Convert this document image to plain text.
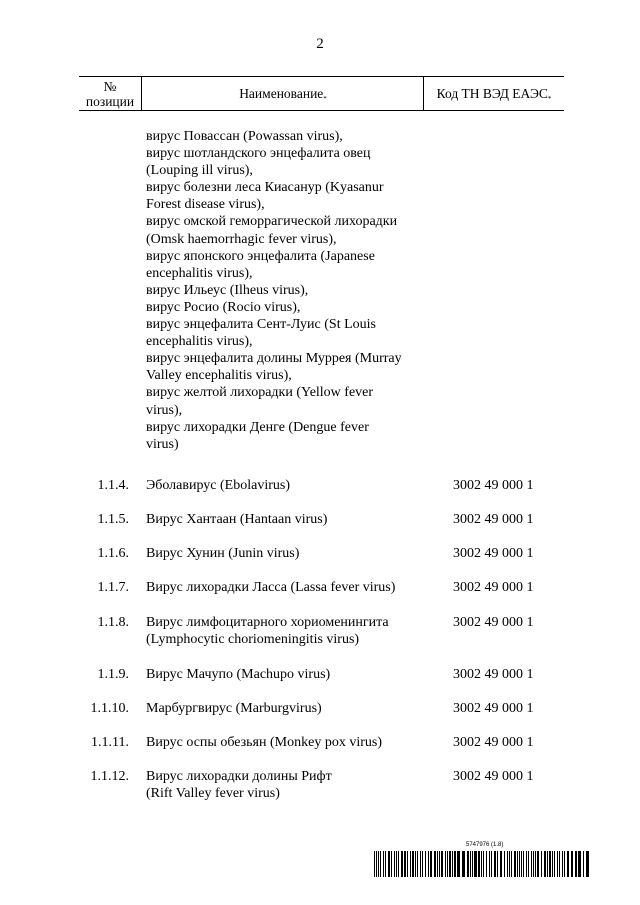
2
№
позиции
Наименование*	Код ТН ВЭД ЕАЭС*
вирус Повассан (Powassan virus),
вирус шотландского энцефалита овец
(Louping ill virus),
вирус болезни леса Киасанур (Kyasanur
Forest disease virus),
вирус омской геморрагической лихорадки
(Omsk haemorrhagic fever virus),
вирус японского энцефалита (Japanese
encephalitis virus),
вирус Ильеус (Ilheus virus),
вирус Росио (Rocio virus),
вирус энцефалита Сент-Луис (St Louis
encephalitis virus),
вирус энцефалита долины Муррея (Murray
Valley encephalitis virus),
вирус желтой лихорадки (Yellow fever
virus),
вирус лихорадки Денге (Dengue fever
virus)
1.1.4. Эболавирус (Ebolavirus)	3002 49 000 1
1.1.5. Вирус Хантаан (Hantaan virus)	3002 49 000 1
1.1.6. Вирус Хунин (Junin virus)	3002 49 000 1
1.1.7. Вирус лихорадки Ласса (Lassa fever virus)	3002 49 000 1
1.1.8. Вирус лимфоцитарного хориоменингита
(Lymphocytic choriomeningitis virus)
3002 49 000 1
1.1.9. Вирус Мачупо (Machupo virus)	3002 49 000 1
1.1.10. Марбургвирус (Marburgvirus)	3002 49 000 1
1.1.11. Вирус оспы обезьян (Monkey pox virus)	3002 49 000 1
1.1.12. Вирус лихорадки долины Рифт
(Rift Valley fever virus)
3002 49 000 1
5747976 (1.8)
